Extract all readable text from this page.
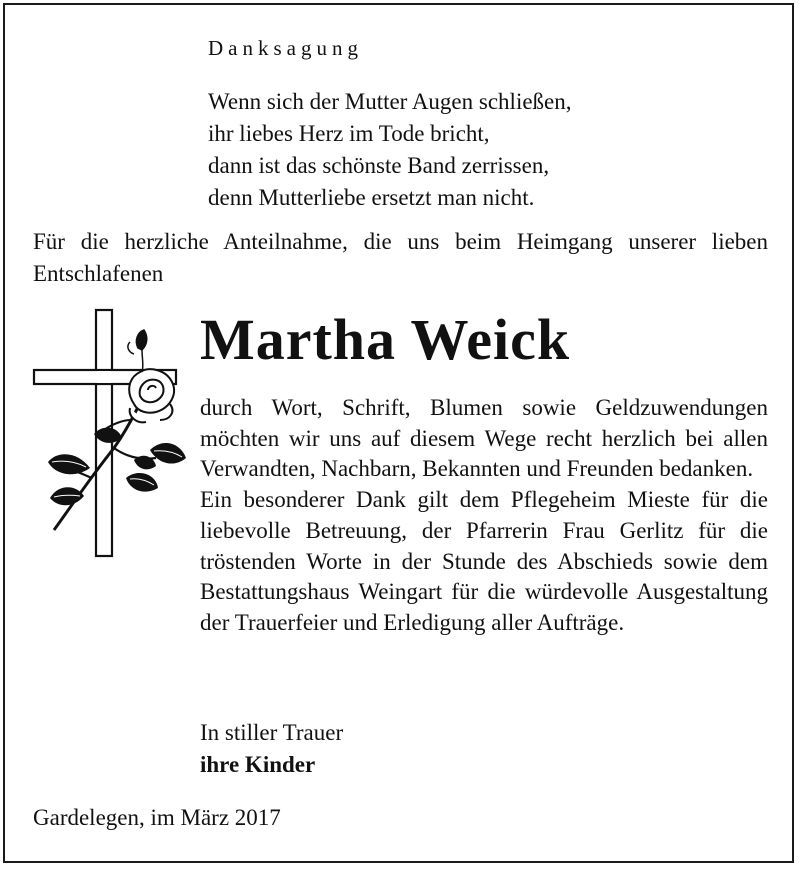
Danksagung
Wenn sich der Mutter Augen schließen,
ihr liebes Herz im Tode bricht,
dann ist das schönste Band zerrissen,
denn Mutterliebe ersetzt man nicht.
Für die herzliche Anteilnahme, die uns beim Heimgang unserer lieben Entschlafenen
Martha Weick

durch Wort, Schrift, Blumen sowie Geldzuwendungen möchten wir uns auf diesem Wege recht herzlich bei allen Verwandten, Nachbarn, Bekannten und Freunden bedanken.

Ein besonderer Dank gilt dem Pflegeheim Mieste für die liebevolle Betreuung, der Pfarrerin Frau Gerlitz für die tröstenden Worte in der Stunde des Abschieds sowie dem Bestattungshaus Weingart für die würdevolle Ausgestaltung der Trauerfeier und Erledigung aller Aufträge.

In stiller Trauer
ihre Kinder
Gardelegen, im März 2017
